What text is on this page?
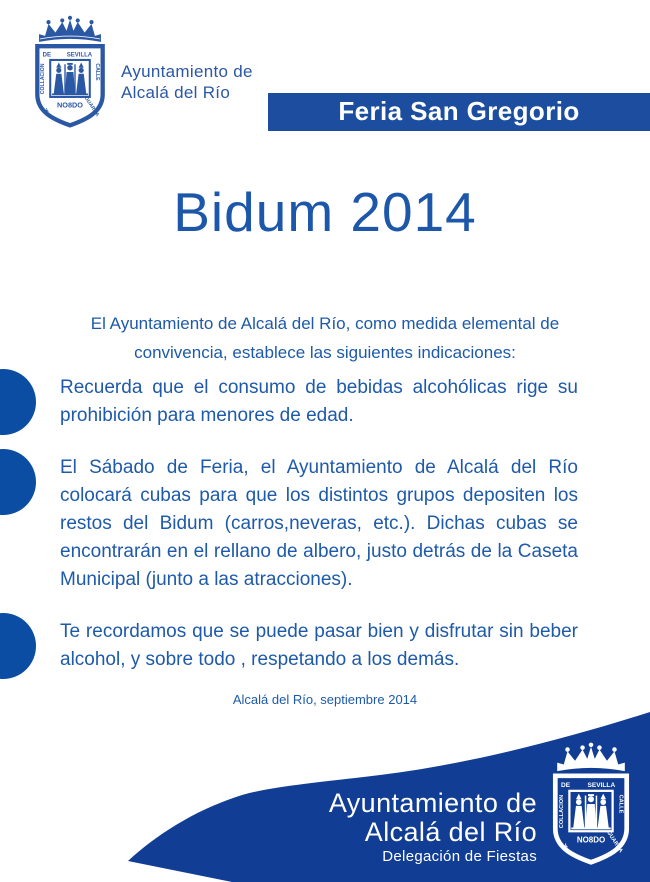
Ayuntamiento de
Alcalá del Río
Feria San Gregorio
Bidum 2014
El Ayuntamiento de Alcalá del Río, como medida elemental de convivencia, establece las siguientes indicaciones:
Recuerda que el consumo de bebidas alcohólicas rige su prohibición para menores de edad.
El Sábado de Feria, el Ayuntamiento de Alcalá del Río colocará cubas para que los distintos grupos depositen los restos del Bidum (carros,neveras, etc.). Dichas cubas se encontrarán en el rellano de albero, justo detrás de la Caseta Municipal (junto a las atracciones).
Te recordamos que se puede pasar bien y disfrutar sin beber alcohol, y sobre todo , respetando a los demás.
Alcalá del Río, septiembre 2014
Ayuntamiento de
Alcalá del Río
Delegación de Fiestas
